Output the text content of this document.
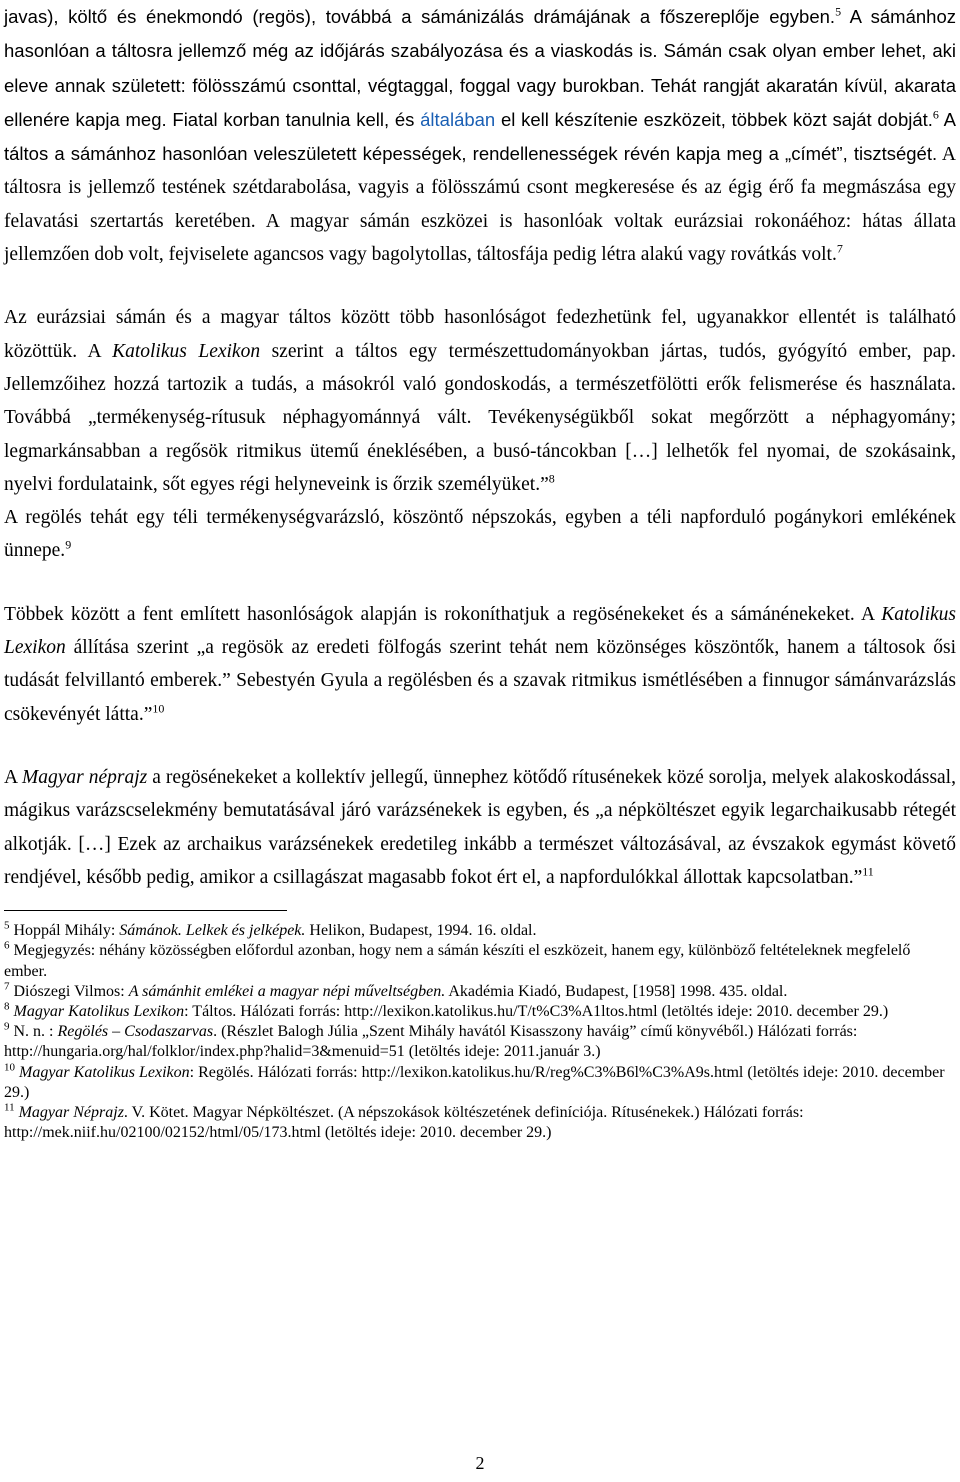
javas), költő és énekmondó (regös), továbbá a sámánizálás drámájának a főszereplője egyben.$^5$ A sámánhoz hasonlóan a táltosra jellemző még az időjárás szabályozása és a viaskodás is. Sámán csak olyan ember lehet, aki eleve annak született: fölösszámú csonttal, végtaggal, foggal vagy burokban. Tehát rangját akaratán kívül, akarata ellenére kapja meg. Fiatal korban tanulnia kell, és általában el kell készítenie eszközeit, többek közt saját dobját.$^6$ A táltos a sámánhoz hasonlóan veleszületett képességek, rendellenességek révén kapja meg a „címét”, tisztségét. A táltosra is jellemző testének szétdarabolása, vagyis a fölösszámú csont megkeresése és az égig érő fa megmászása egy felavatási szertartás keretében. A magyar sámán eszközei is hasonlóak voltak eurázsiai rokonáéhoz: hátas állata jellemzően dob volt, fejviselete agancsos vagy bagolytollas, táltosfája pedig létra alakú vagy rovátkás volt.$^7$

Az eurázsiai sámán és a magyar táltos között több hasonlóságot fedezhetünk fel, ugyanakkor ellentét is található közöttük. A Katolikus Lexikon szerint a táltos egy természettudományokban jártas, tudós, gyógyító ember, pap. Jellemzőihez hozzá tartozik a tudás, a másokról való gondoskodás, a természetfölötti erők felismerése és használata. Továbbá „termékenység-rítusuk néphagyománnyá vált. Tevékenységükből sokat megőrzött a néphagyomány; legmarkánsabban a regősök ritmikus ütemű éneklésében, a busó-táncokban […] lelhetők fel nyomai, de szokásaink, nyelvi fordulataink, sőt egyes régi helyneveink is őrzik személyüket.”$^8$

A regölés tehát egy téli termékenységvarázsló, köszöntő népszokás, egyben a téli napforduló pogánykori emlékének ünnepe.$^9$

Többek között a fent említett hasonlóságok alapján is rokoníthatjuk a regösénekeket és a sámánénekeket. A Katolikus Lexikon állítása szerint „a regösök az eredeti fölfogás szerint tehát nem közönséges köszöntők, hanem a táltosok ősi tudását felvillantó emberek.” Sebestyén Gyula a regölésben és a szavak ritmikus ismétlésében a finnugor sámánvarázslás csökevényét látta.”$^{10}$

A Magyar néprajz a regösénekeket a kollektív jellegű, ünnephez kötődő rítusénekek közé sorolja, melyek alakoskodással, mágikus varázscselekmény bemutatásával járó varázsénekek is egyben, és „a népköltészet egyik legarchaikusabb rétegét alkotják. […] Ezek az archaikus varázsénekek eredetileg inkább a természet változásával, az évszakok egymást követő rendjével, később pedig, amikor a csillagászat magasabb fokot ért el, a napfordulókkal állottak kapcsolatban.”$^{11}$

$^5$ Hoppál Mihály: Sámánok. Lelkek és jelképek. Helikon, Budapest, 1994. 16. oldal.

$^6$ Megjegyzés: néhány közösségben előfordul azonban, hogy nem a sámán készíti el eszközeit, hanem egy, különböző feltételeknek megfelelő ember.

$^7$ Diószegi Vilmos: A sámánhit emlékei a magyar népi műveltségben. Akadémia Kiadó, Budapest, [1958] 1998. 435. oldal.

$^8$ Magyar Katolikus Lexikon: Táltos. Hálózati forrás: http://lexikon.katolikus.hu/T/t%C3%A1ltos.html (letöltés ideje: 2010. december 29.)

$^9$ N. n. : Regölés – Csodaszarvas. (Részlet Balogh Júlia „Szent Mihály havától Kisasszony haváig” című könyvéből.) Hálózati forrás: http://hungaria.org/hal/folklor/index.php?halid=3&menuid=51 (letöltés ideje: 2011.január 3.)

$^{10}$ Magyar Katolikus Lexikon: Regölés. Hálózati forrás: http://lexikon.katolikus.hu/R/reg%C3%B6l%C3%A9s.html (letöltés ideje: 2010. december 29.)

$^{11}$ Magyar Néprajz. V. Kötet. Magyar Népköltészet. (A népszokások költészetének definíciója. Rítusénekek.) Hálózati forrás: http://mek.niif.hu/02100/02152/html/05/173.html (letöltés ideje: 2010. december 29.)

2
